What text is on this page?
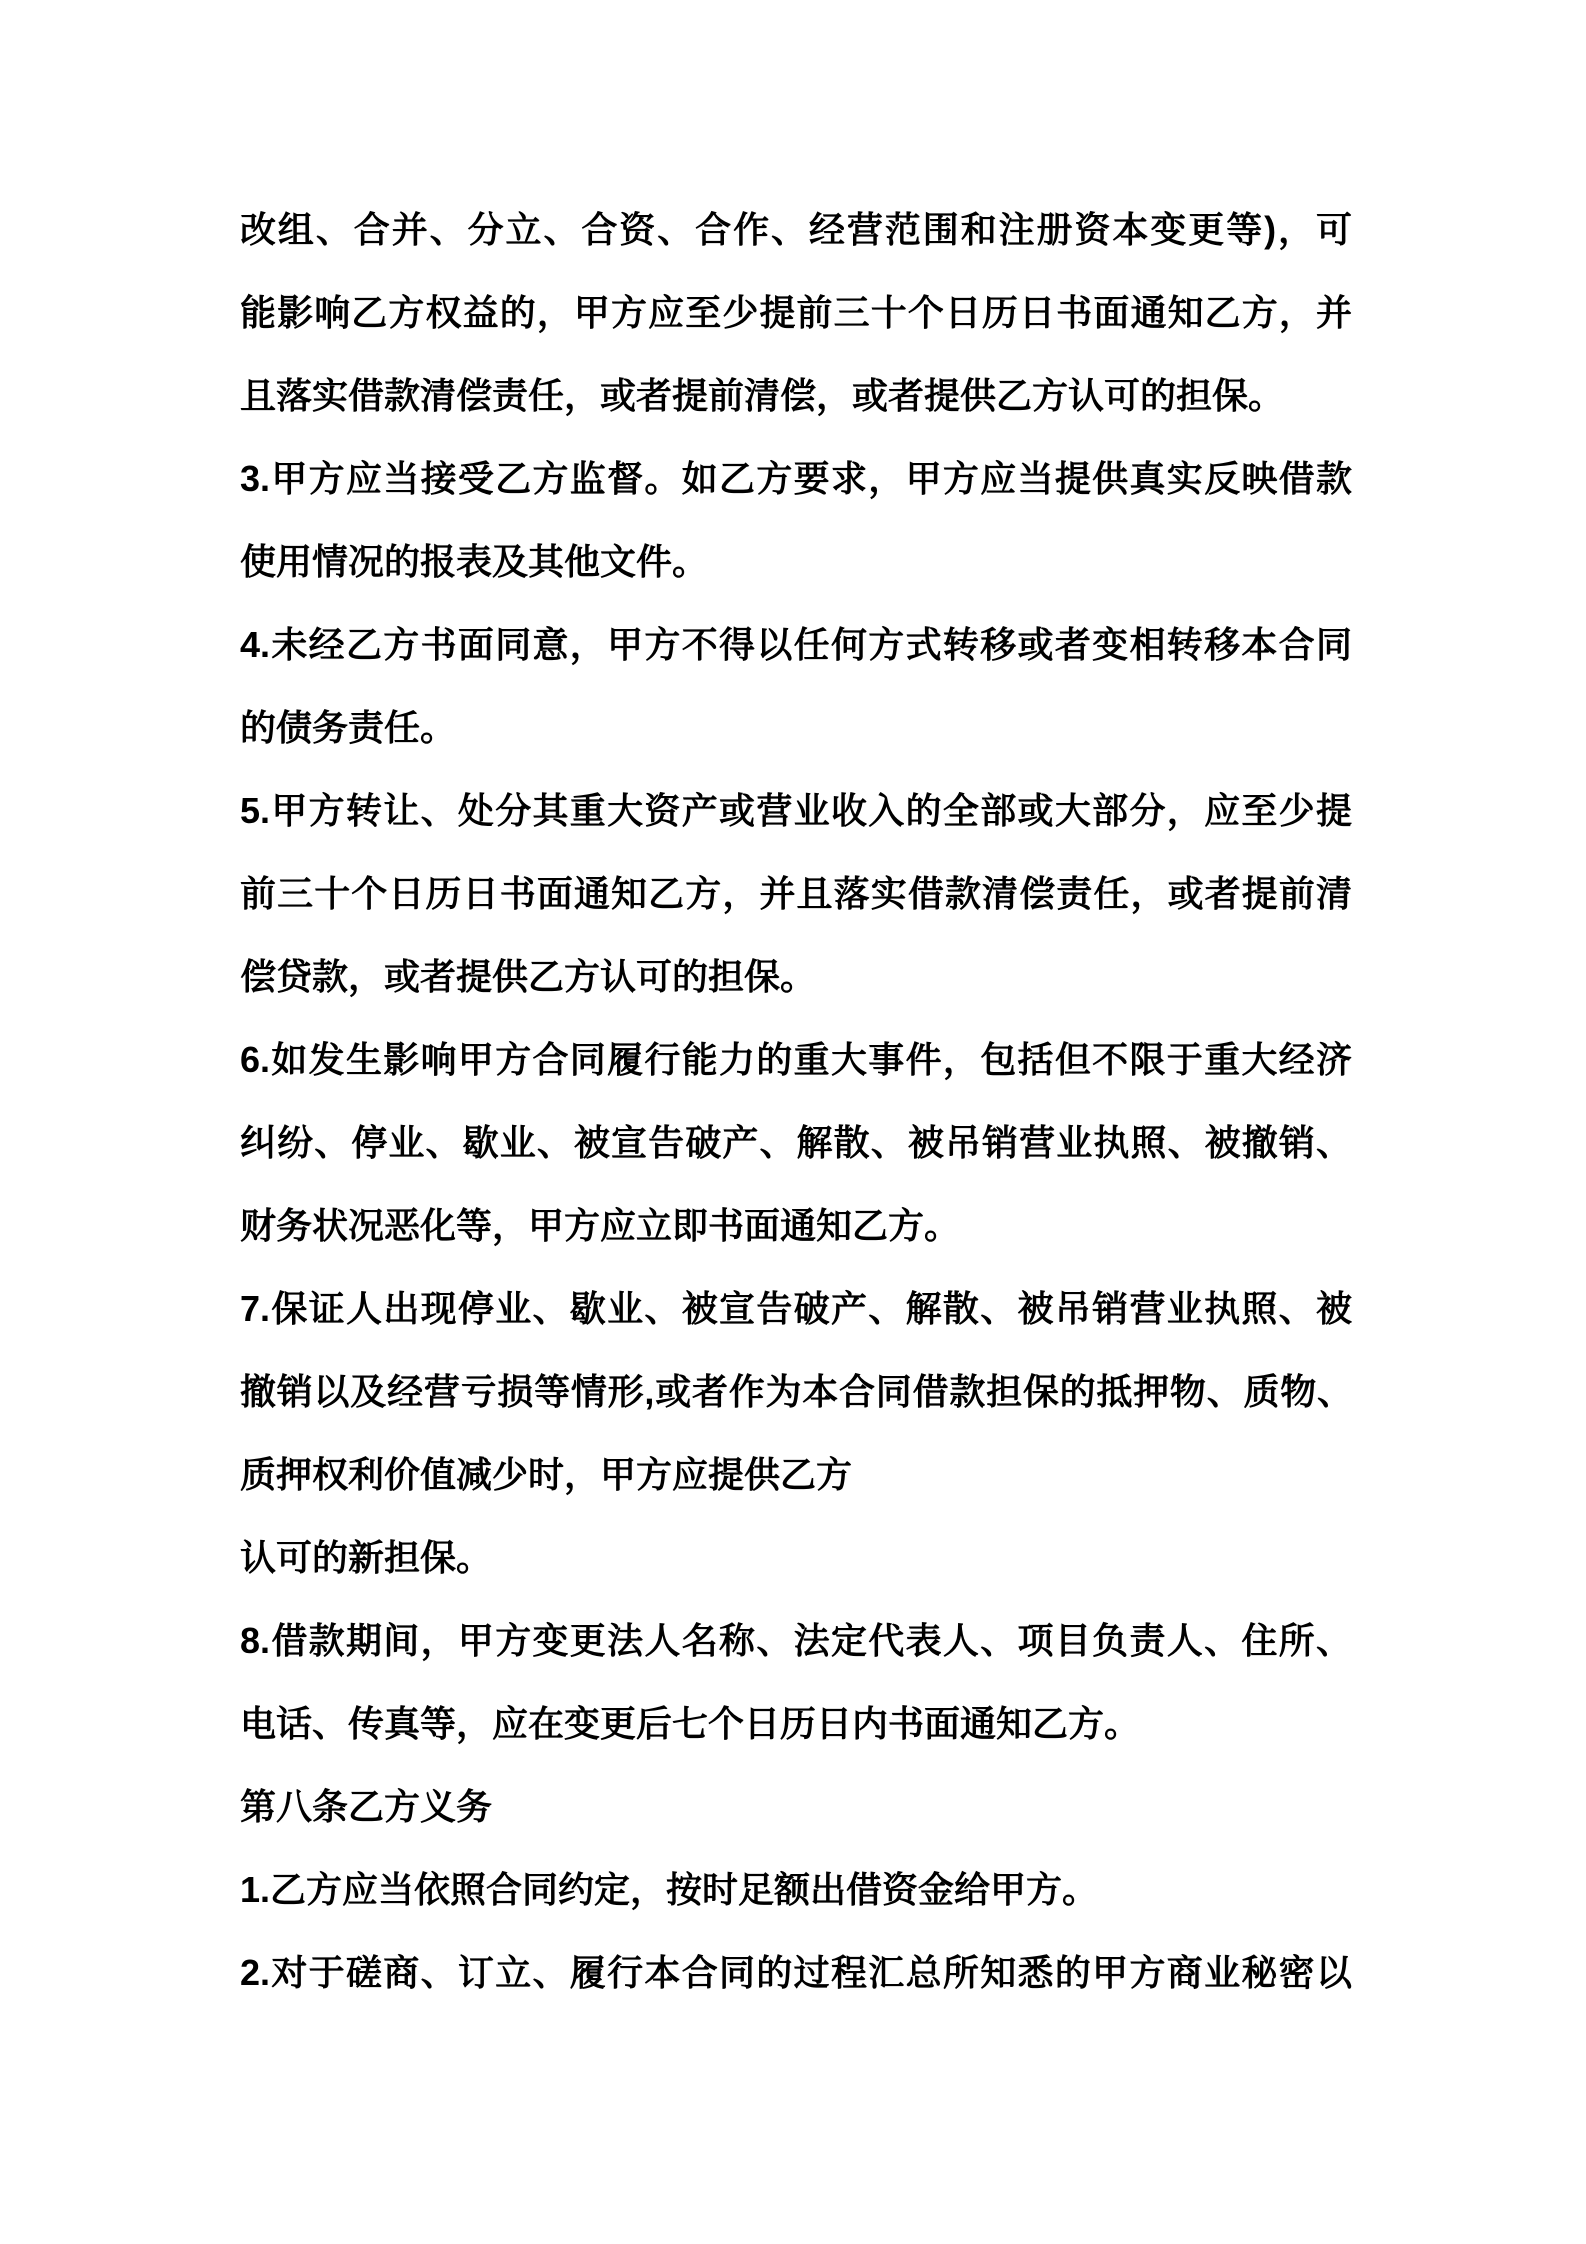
改组、合并、分立、合资、合作、经营范围和注册资本变更等)，可
能影响乙方权益的，甲方应至少提前三十个日历日书面通知乙方，并
且落实借款清偿责任，或者提前清偿，或者提供乙方认可的担保。
3.甲方应当接受乙方监督。如乙方要求，甲方应当提供真实反映借款
使用情况的报表及其他文件。
4.未经乙方书面同意，甲方不得以任何方式转移或者变相转移本合同
的债务责任。
5.甲方转让、处分其重大资产或营业收入的全部或大部分，应至少提
前三十个日历日书面通知乙方，并且落实借款清偿责任，或者提前清
偿贷款，或者提供乙方认可的担保。
6.如发生影响甲方合同履行能力的重大事件，包括但不限于重大经济
纠纷、停业、歇业、被宣告破产、解散、被吊销营业执照、被撤销、
财务状况恶化等，甲方应立即书面通知乙方。
7.保证人出现停业、歇业、被宣告破产、解散、被吊销营业执照、被
撤销以及经营亏损等情形,或者作为本合同借款担保的抵押物、质物、
质押权利价值减少时，甲方应提供乙方
认可的新担保。
8.借款期间，甲方变更法人名称、法定代表人、项目负责人、住所、
电话、传真等，应在变更后七个日历日内书面通知乙方。
第八条乙方义务
1.乙方应当依照合同约定，按时足额出借资金给甲方。
2.对于磋商、订立、履行本合同的过程汇总所知悉的甲方商业秘密以
